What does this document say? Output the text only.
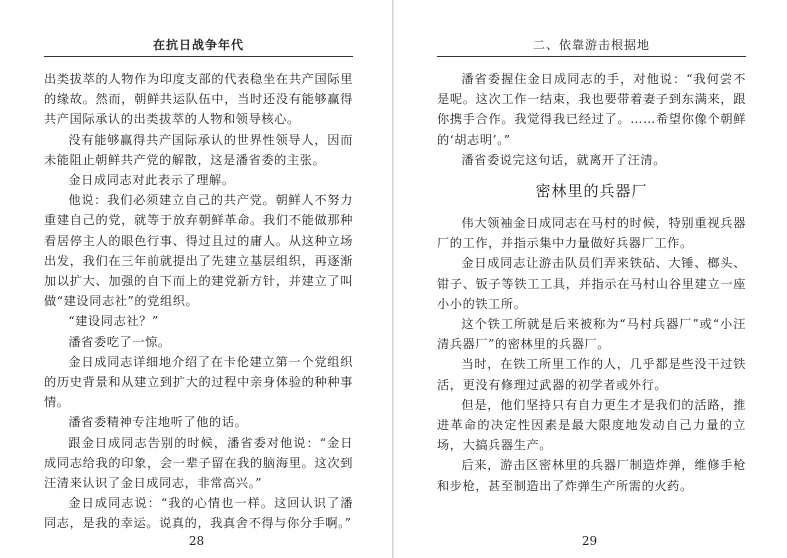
在抗日战争年代

出类拔萃的人物作为印度支部的代表稳坐在共产国际里的缘故。然而，朝鲜共运队伍中，当时还没有能够赢得共产国际承认的出类拔萃的人物和领导核心。

没有能够赢得共产国际承认的世界性领导人，因而未能阻止朝鲜共产党的解散，这是潘省委的主张。

金日成同志对此表示了理解。

他说：我们必须建立自己的共产党。朝鲜人不努力重建自己的党，就等于放弃朝鲜革命。我们不能做那种看居停主人的眼色行事、得过且过的庸人。从这种立场出发，我们在三年前就提出了先建立基层组织，再逐渐加以扩大、加强的自下而上的建党新方针，并建立了叫做“建设同志社”的党组织。

“建设同志社？”

潘省委吃了一惊。

金日成同志详细地介绍了在卡伦建立第一个党组织的历史背景和从建立到扩大的过程中亲身体验的种种事情。

潘省委精神专注地听了他的话。

跟金日成同志告别的时候，潘省委对他说：“金日成同志给我的印象，会一辈子留在我的脑海里。这次到汪清来认识了金日成同志，非常高兴。”

金日成同志说：“我的心情也一样。这回认识了潘同志，是我的幸运。说真的，我真舍不得与你分手啊。”

28
二、依靠游击根据地

潘省委握住金日成同志的手，对他说：“我何尝不是呢。这次工作一结束，我也要带着妻子到东满来，跟你携手合作。我觉得我已经过了。……希望你像个朝鲜的‘胡志明’。”

潘省委说完这句话，就离开了汪清。

密林里的兵器厂

伟大领袖金日成同志在马村的时候，特别重视兵器厂的工作，并指示集中力量做好兵器厂工作。

金日成同志让游击队员们弄来铁砧、大锤、榔头、钳子、钣子等铁工工具，并指示在马村山谷里建立一座小小的铁工所。

这个铁工所就是后来被称为“马村兵器厂”或“小汪清兵器厂”的密林里的兵器厂。

当时，在铁工所里工作的人，几乎都是些没干过铁活，更没有修理过武器的初学者或外行。

但是，他们坚持只有自力更生才是我们的活路，推进革命的决定性因素是最大限度地发动自己力量的立场，大搞兵器生产。

后来，游击区密林里的兵器厂制造炸弹，维修手枪和步枪，甚至制造出了炸弹生产所需的火药。

29
